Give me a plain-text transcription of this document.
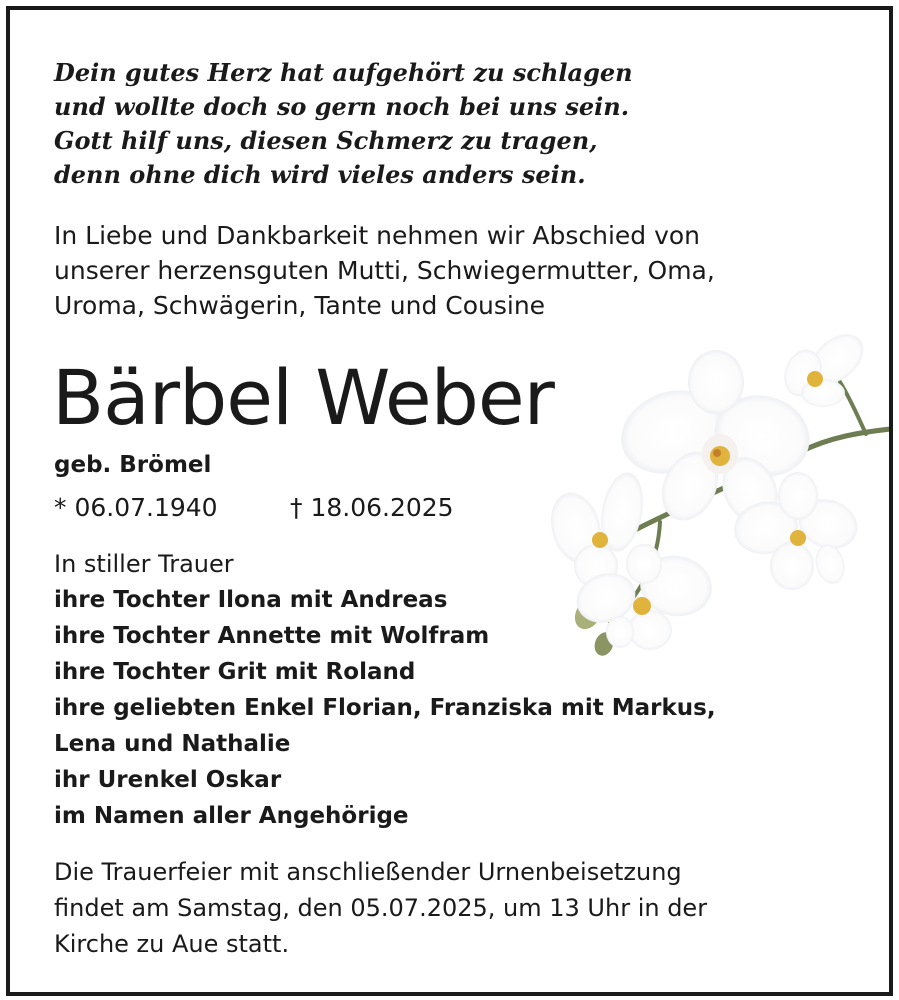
Dein gutes Herz hat aufgehört zu schlagen
und wollte doch so gern noch bei uns sein.
Gott hilf uns, diesen Schmerz zu tragen,
denn ohne dich wird vieles anders sein.
In Liebe und Dankbarkeit nehmen wir Abschied von
unserer herzensguten Mutti, Schwiegermutter, Oma,
Uroma, Schwägerin, Tante und Cousine
Bärbel Weber
geb. Brömel
* 06.07.1940	† 18.06.2025
In stiller Trauer
ihre Tochter Ilona mit Andreas
ihre Tochter Annette mit Wolfram
ihre Tochter Grit mit Roland
ihre geliebten Enkel Florian, Franziska mit Markus,
Lena und Nathalie
ihr Urenkel Oskar
im Namen aller Angehörige
Die Trauerfeier mit anschließender Urnenbeisetzung
findet am Samstag, den 05.07.2025, um 13 Uhr in der
Kirche zu Aue statt.
